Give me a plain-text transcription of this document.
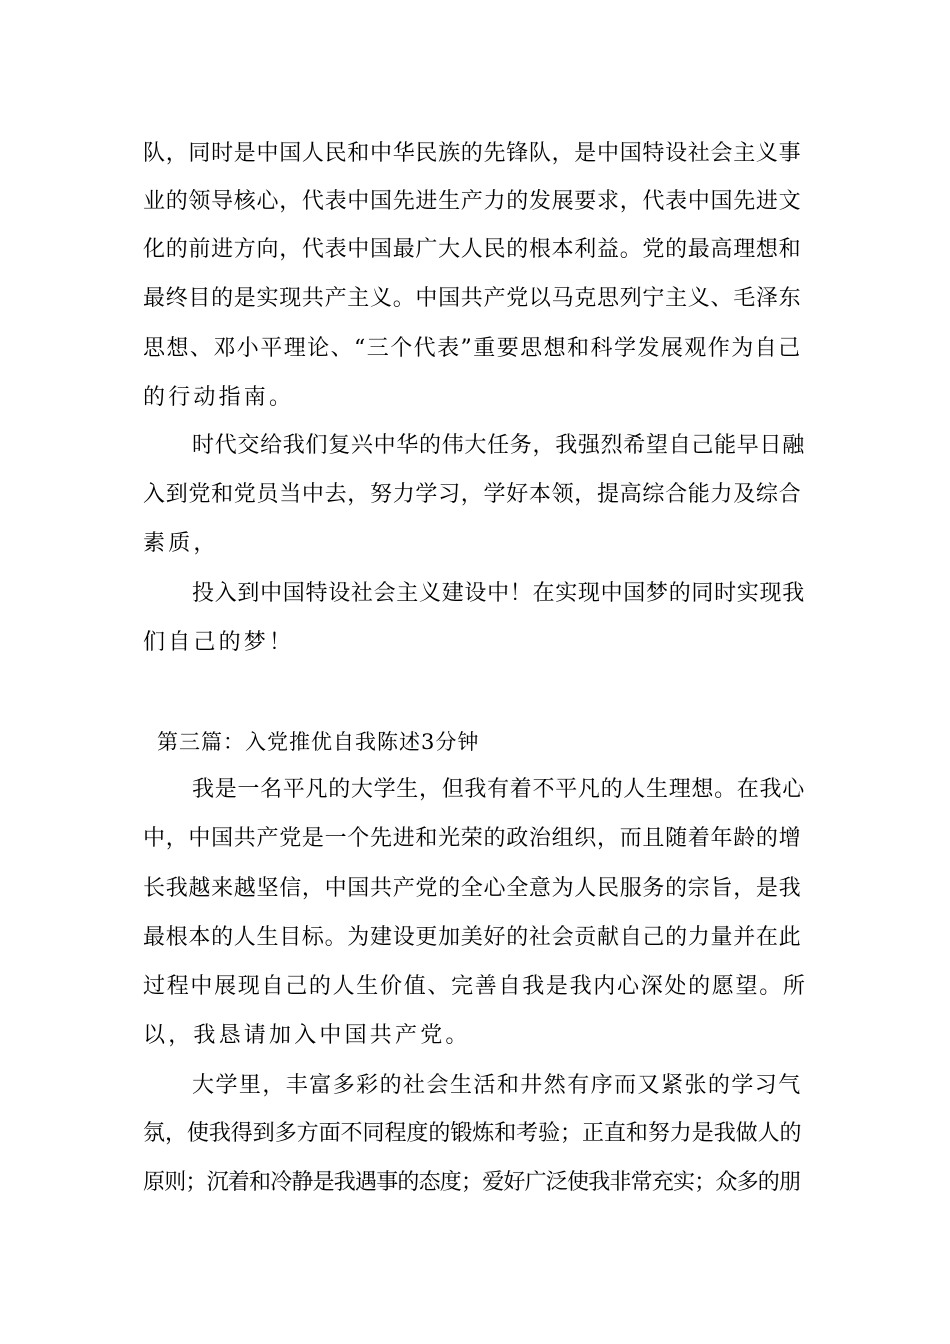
队，同时是中国人民和中华民族的先锋队，是中国特设社会主义事
业的领导核心，代表中国先进生产力的发展要求，代表中国先进文
化的前进方向，代表中国最广大人民的根本利益。党的最高理想和
最终目的是实现共产主义。中国共产党以马克思列宁主义、毛泽东
思想、邓小平理论、“三个代表”重要思想和科学发展观作为自己
的行动指南。
时代交给我们复兴中华的伟大任务，我强烈希望自己能早日融
入到党和党员当中去，努力学习，学好本领，提高综合能力及综合
素质，
投入到中国特设社会主义建设中！在实现中国梦的同时实现我
们自己的梦！
第三篇：入党推优自我陈述3分钟
我是一名平凡的大学生，但我有着不平凡的人生理想。在我心
中，中国共产党是一个先进和光荣的政治组织，而且随着年龄的增
长我越来越坚信，中国共产党的全心全意为人民服务的宗旨，是我
最根本的人生目标。为建设更加美好的社会贡献自己的力量并在此
过程中展现自己的人生价值、完善自我是我内心深处的愿望。所
以，我恳请加入中国共产党。
大学里，丰富多彩的社会生活和井然有序而又紧张的学习气
氛，使我得到多方面不同程度的锻炼和考验；正直和努力是我做人的
原则；沉着和冷静是我遇事的态度；爱好广泛使我非常充实；众多的朋
